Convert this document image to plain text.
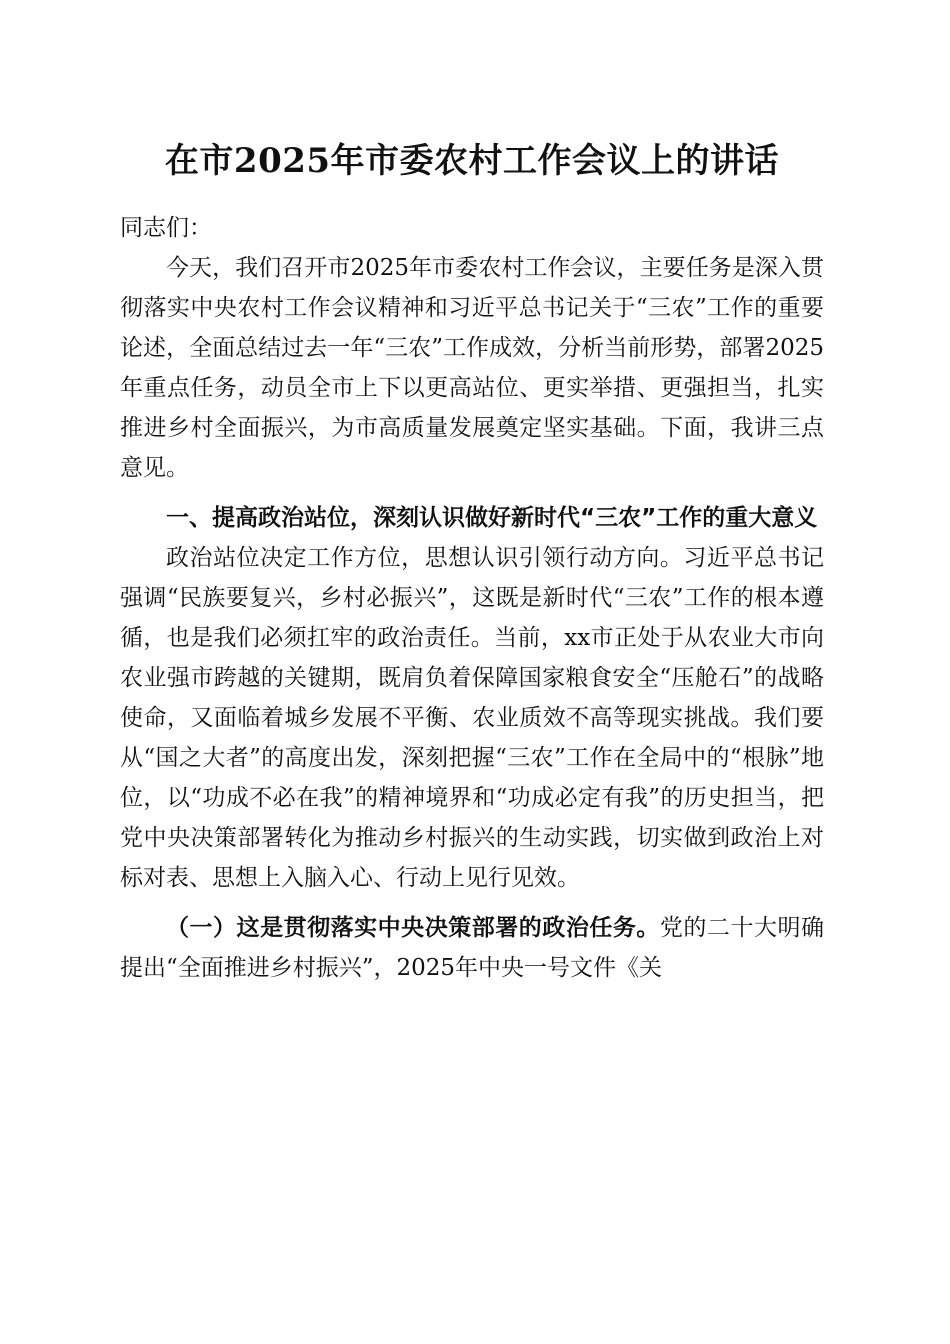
在市2025年市委农村工作会议上的讲话

同志们：

今天，我们召开市2025年市委农村工作会议，主要任务是深入贯彻落实中央农村工作会议精神和习近平总书记关于“三农”工作的重要论述，全面总结过去一年“三农”工作成效，分析当前形势，部署2025年重点任务，动员全市上下以更高站位、更实举措、更强担当，扎实推进乡村全面振兴，为市高质量发展奠定坚实基础。下面，我讲三点意见。

一、提高政治站位，深刻认识做好新时代“三农”工作的重大意义

政治站位决定工作方位，思想认识引领行动方向。习近平总书记强调“民族要复兴，乡村必振兴”，这既是新时代“三农”工作的根本遵循，也是我们必须扛牢的政治责任。当前，xx市正处于从农业大市向农业强市跨越的关键期，既肩负着保障国家粮食安全“压舱石”的战略使命，又面临着城乡发展不平衡、农业质效不高等现实挑战。我们要从“国之大者”的高度出发，深刻把握“三农”工作在全局中的“根脉”地位，以“功成不必在我”的精神境界和“功成必定有我”的历史担当，把党中央决策部署转化为推动乡村振兴的生动实践，切实做到政治上对标对表、思想上入脑入心、行动上见行见效。

（一）这是贯彻落实中央决策部署的政治任务。党的二十大明确提出“全面推进乡村振兴”，2025年中央一号文件《关
